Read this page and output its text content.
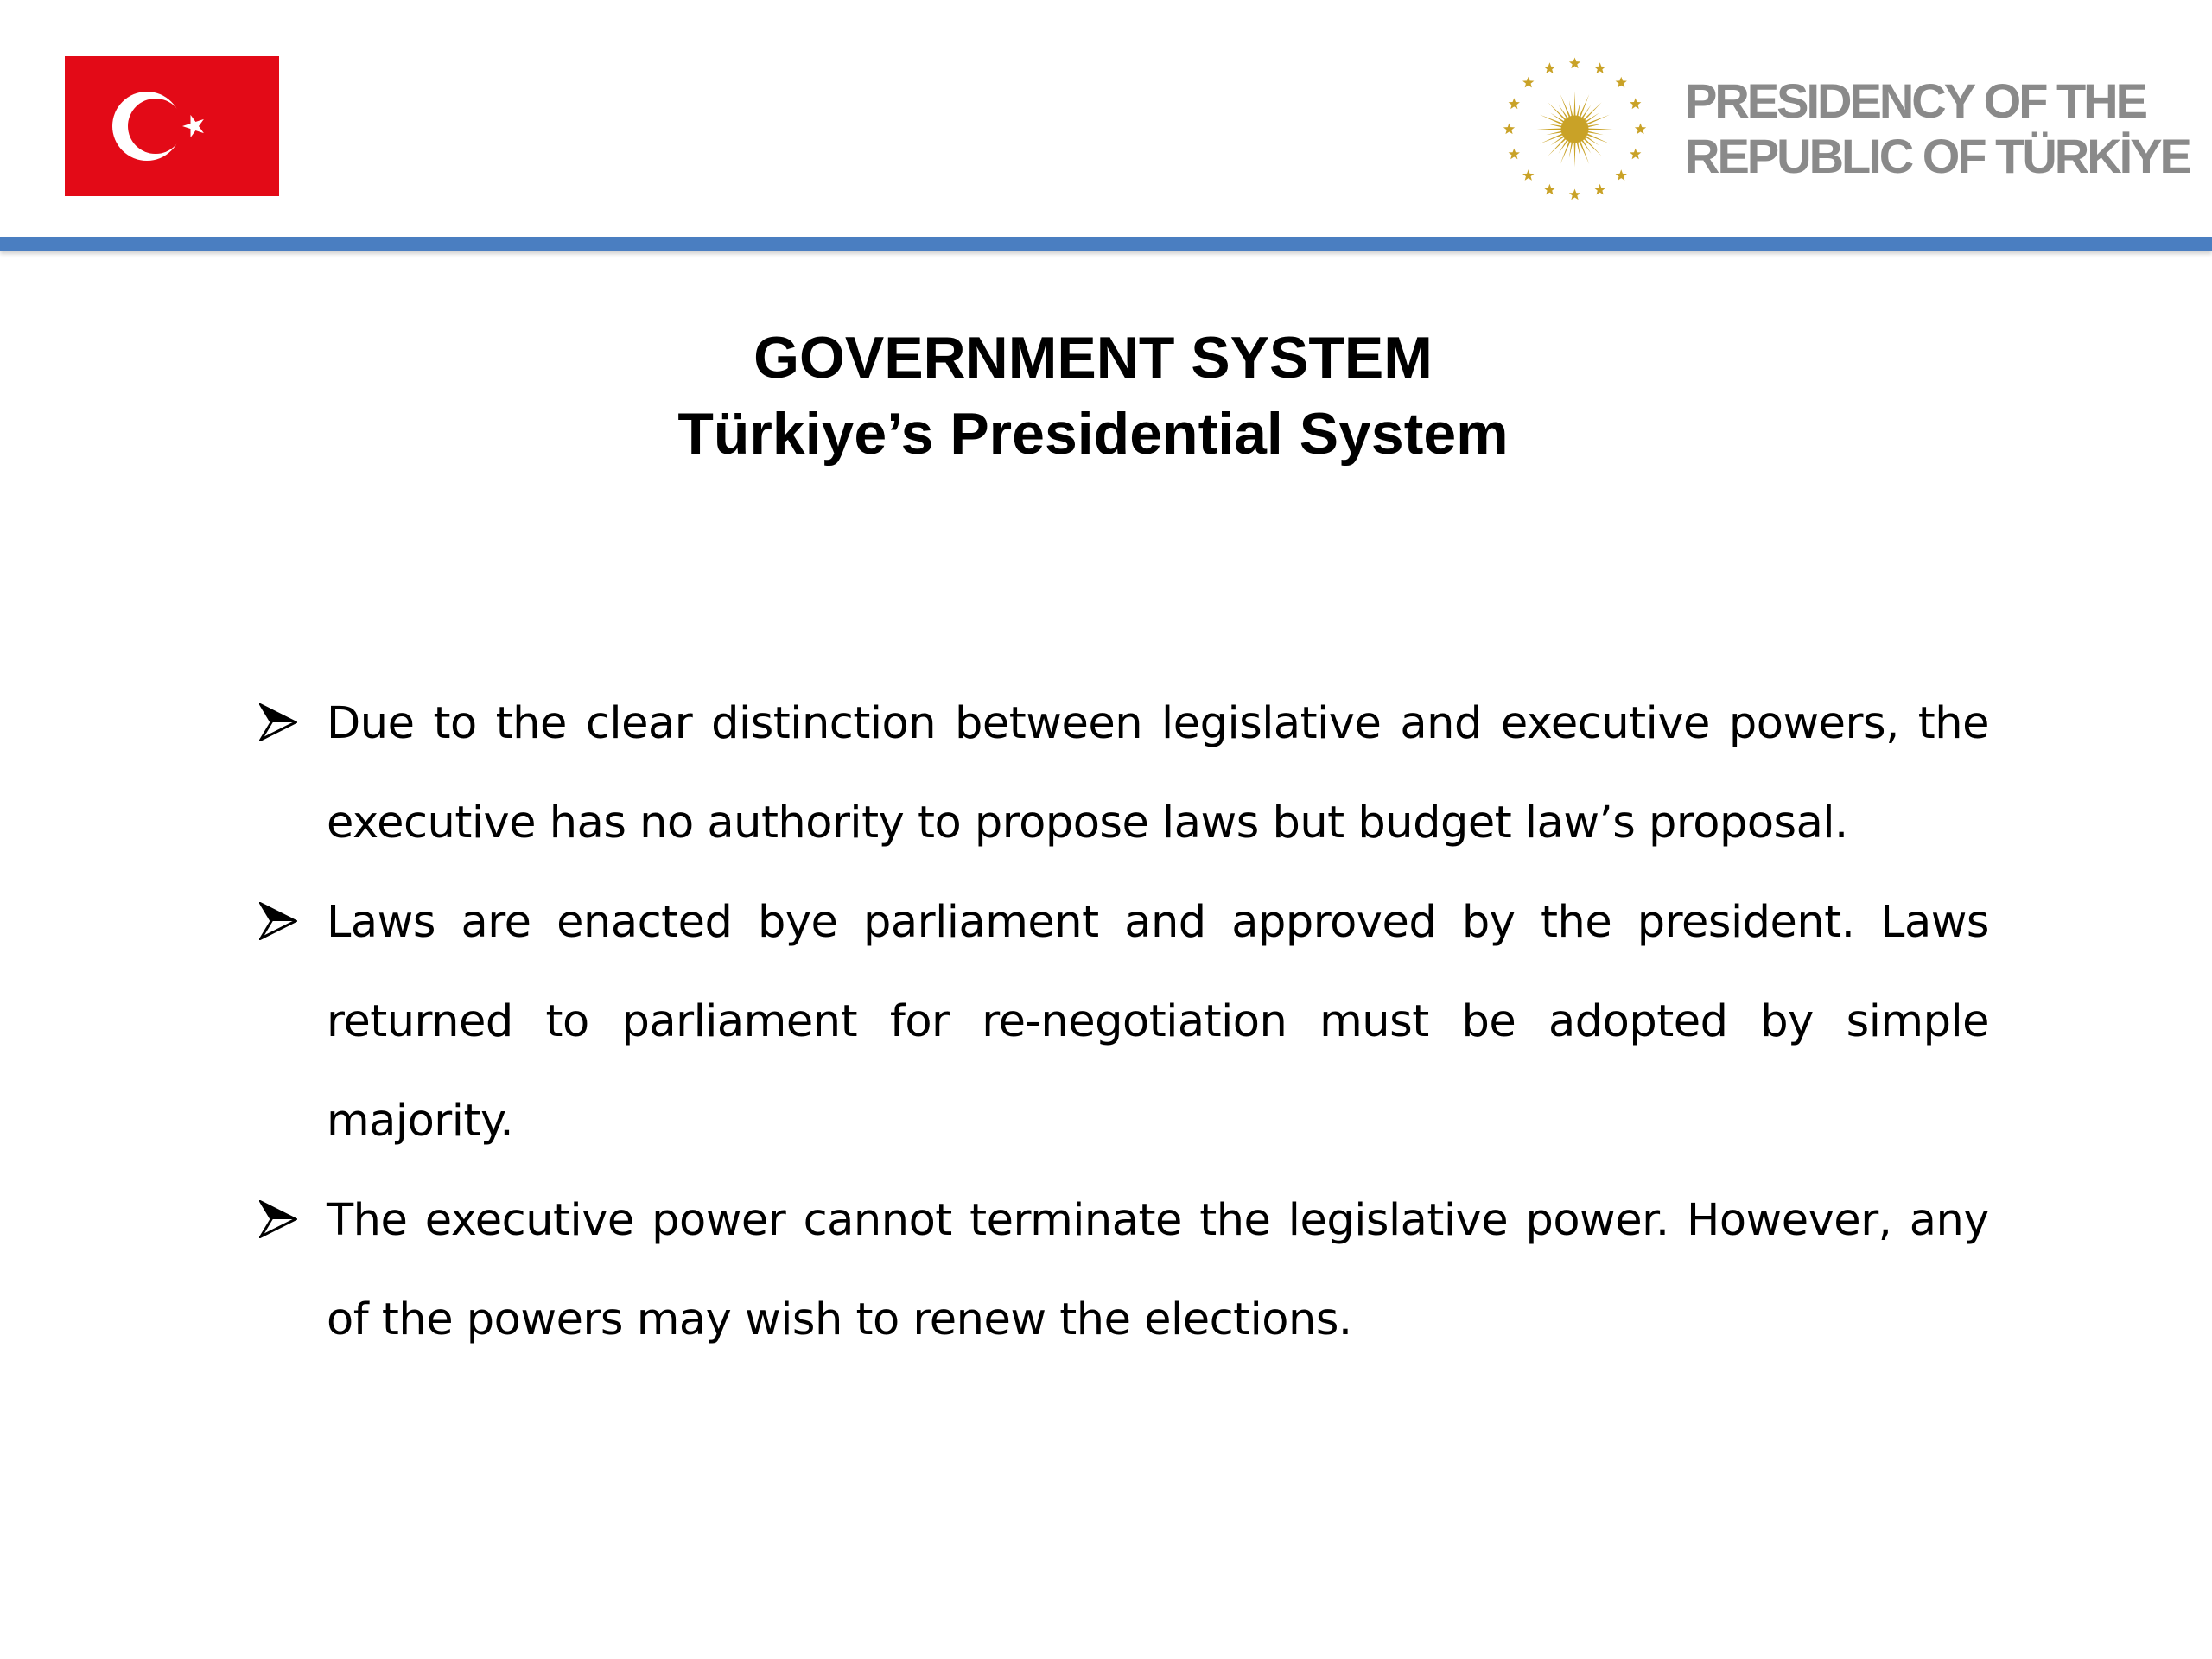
PRESIDENCY OF THE
REPUBLIC OF TÜRKİYE
GOVERNMENT SYSTEM
Türkiye’s Presidential System
Due to the clear distinction between legislative and executive powers, the executive has no authority to propose laws but budget law’s proposal.
Laws are enacted bye parliament and approved by the president. Laws returned to parliament for re-negotiation must be adopted by simple majority.
The executive power cannot terminate the legislative power. However, any of the powers may wish to renew the elections.
